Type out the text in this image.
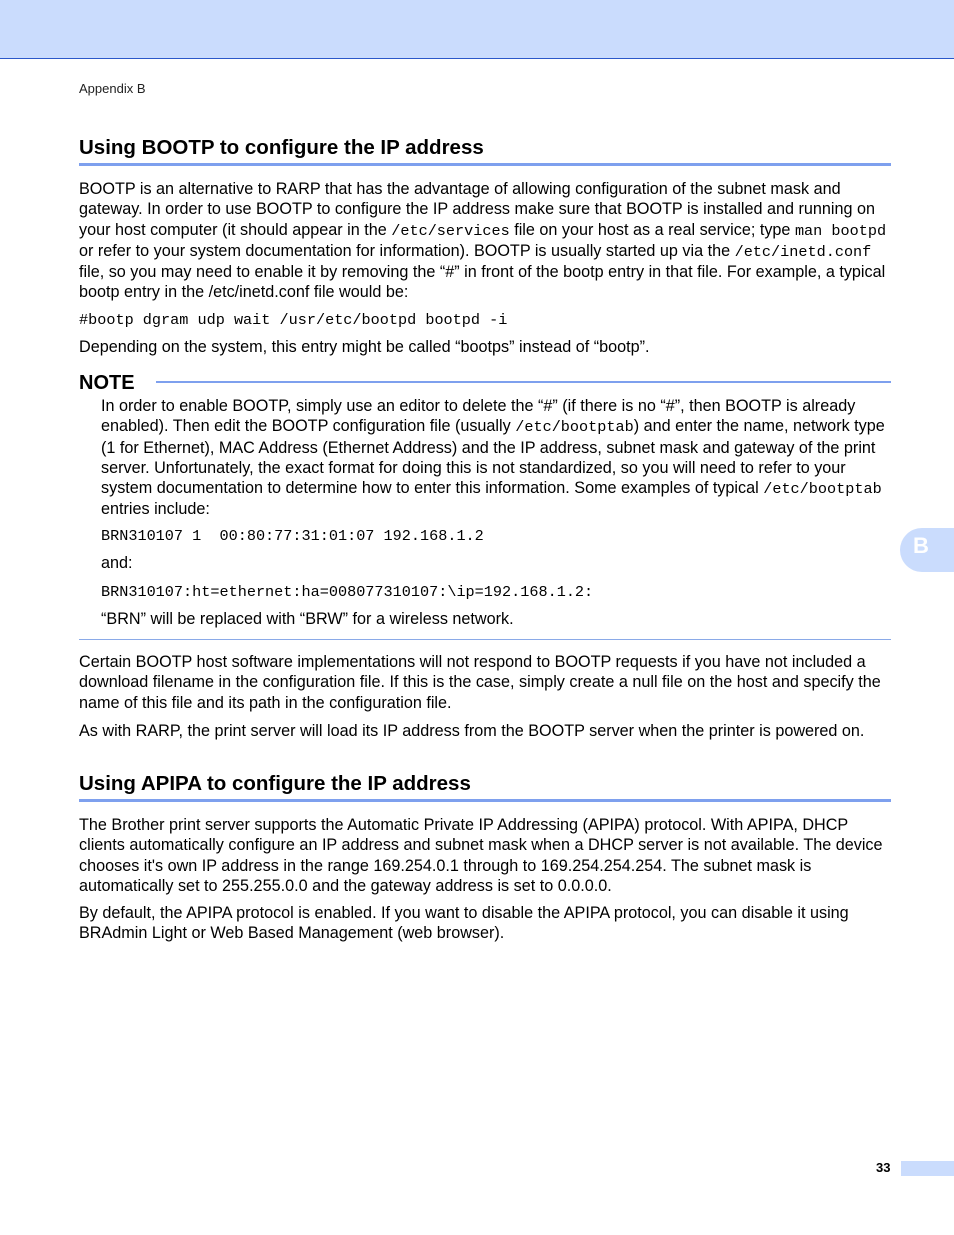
Appendix B
Using BOOTP to configure the IP address

BOOTP is an alternative to RARP that has the advantage of allowing configuration of the subnet mask and gateway. In order to use BOOTP to configure the IP address make sure that BOOTP is installed and running on your host computer (it should appear in the /etc/services file on your host as a real service; type man bootpd or refer to your system documentation for information). BOOTP is usually started up via the /etc/inetd.conf file, so you may need to enable it by removing the “#” in front of the bootp entry in that file. For example, a typical bootp entry in the /etc/inetd.conf file would be:

#bootp dgram udp wait /usr/etc/bootpd bootpd -i

Depending on the system, this entry might be called “bootps” instead of “bootp”.

NOTE

In order to enable BOOTP, simply use an editor to delete the “#” (if there is no “#”, then BOOTP is already enabled). Then edit the BOOTP configuration file (usually /etc/bootptab) and enter the name, network type (1 for Ethernet), MAC Address (Ethernet Address) and the IP address, subnet mask and gateway of the print server. Unfortunately, the exact format for doing this is not standardized, so you will need to refer to your system documentation to determine how to enter this information. Some examples of typical /etc/bootptab entries include:

BRN310107 1  00:80:77:31:01:07 192.168.1.2

and:

BRN310107:ht=ethernet:ha=008077310107:\ip=192.168.1.2:

“BRN” will be replaced with “BRW” for a wireless network.

Certain BOOTP host software implementations will not respond to BOOTP requests if you have not included a download filename in the configuration file. If this is the case, simply create a null file on the host and specify the name of this file and its path in the configuration file.

As with RARP, the print server will load its IP address from the BOOTP server when the printer is powered on.

Using APIPA to configure the IP address

The Brother print server supports the Automatic Private IP Addressing (APIPA) protocol. With APIPA, DHCP clients automatically configure an IP address and subnet mask when a DHCP server is not available. The device chooses it's own IP address in the range 169.254.0.1 through to 169.254.254.254. The subnet mask is automatically set to 255.255.0.0 and the gateway address is set to 0.0.0.0.

By default, the APIPA protocol is enabled. If you want to disable the APIPA protocol, you can disable it using BRAdmin Light or Web Based Management (web browser).

B
33
